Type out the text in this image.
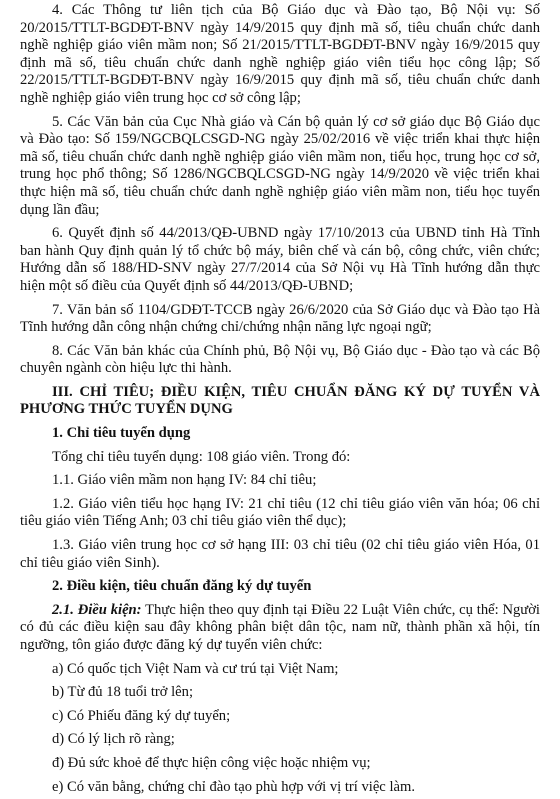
4. Các Thông tư liên tịch của Bộ Giáo dục và Đào tạo, Bộ Nội vụ: Số 20/2015/TTLT-BGDĐT-BNV ngày 14/9/2015 quy định mã số, tiêu chuẩn chức danh nghề nghiệp giáo viên mầm non; Số 21/2015/TTLT-BGDĐT-BNV ngày 16/9/2015 quy định mã số, tiêu chuẩn chức danh nghề nghiệp giáo viên tiểu học công lập; Số 22/2015/TTLT-BGDĐT-BNV ngày 16/9/2015 quy định mã số, tiêu chuẩn chức danh nghề nghiệp giáo viên trung học cơ sở công lập;

5. Các Văn bản của Cục Nhà giáo và Cán bộ quản lý cơ sở giáo dục Bộ Giáo dục và Đào tạo: Số 159/NGCBQLCSGD-NG ngày 25/02/2016 về việc triển khai thực hiện mã số, tiêu chuẩn chức danh nghề nghiệp giáo viên mầm non, tiểu học, trung học cơ sở, trung học phổ thông; Số 1286/NGCBQLCSGD-NG ngày 14/9/2020 về việc triển khai thực hiện mã số, tiêu chuẩn chức danh nghề nghiệp giáo viên mầm non, tiểu học tuyển dụng lần đầu;

6. Quyết định số 44/2013/QĐ-UBND ngày 17/10/2013 của UBND tỉnh Hà Tĩnh ban hành Quy định quản lý tổ chức bộ máy, biên chế và cán bộ, công chức, viên chức; Hướng dẫn số 188/HD-SNV ngày 27/7/2014 của Sở Nội vụ Hà Tĩnh hướng dẫn thực hiện một số điều của Quyết định số 44/2013/QĐ-UBND;

7. Văn bản số 1104/GDĐT-TCCB ngày 26/6/2020 của Sở Giáo dục và Đào tạo Hà Tĩnh hướng dẫn công nhận chứng chỉ/chứng nhận năng lực ngoại ngữ;

8. Các Văn bản khác của Chính phủ, Bộ Nội vụ, Bộ Giáo dục - Đào tạo và các Bộ chuyên ngành còn hiệu lực thi hành.

III. CHỈ TIÊU; ĐIỀU KIỆN, TIÊU CHUẨN ĐĂNG KÝ DỰ TUYỂN VÀ PHƯƠNG THỨC TUYỂN DỤNG

1. Chỉ tiêu tuyển dụng

Tổng chỉ tiêu tuyển dụng: 108 giáo viên. Trong đó:

1.1. Giáo viên mầm non hạng IV: 84 chỉ tiêu;

1.2. Giáo viên tiểu học hạng IV: 21 chỉ tiêu (12 chỉ tiêu giáo viên văn hóa; 06 chỉ tiêu giáo viên Tiếng Anh; 03 chỉ tiêu giáo viên thể dục);

1.3. Giáo viên trung học cơ sở hạng III: 03 chỉ tiêu (02 chỉ tiêu giáo viên Hóa, 01 chỉ tiêu giáo viên Sinh).

2. Điều kiện, tiêu chuẩn đăng ký dự tuyển

2.1. Điều kiện: Thực hiện theo quy định tại Điều 22 Luật Viên chức, cụ thể: Người có đủ các điều kiện sau đây không phân biệt dân tộc, nam nữ, thành phần xã hội, tín ngưỡng, tôn giáo được đăng ký dự tuyển viên chức:

a) Có quốc tịch Việt Nam và cư trú tại Việt Nam;

b) Từ đủ 18 tuổi trở lên;

c) Có Phiếu đăng ký dự tuyển;

d) Có lý lịch rõ ràng;

đ) Đủ sức khoẻ để thực hiện công việc hoặc nhiệm vụ;

e) Có văn bằng, chứng chỉ đào tạo phù hợp với vị trí việc làm.
